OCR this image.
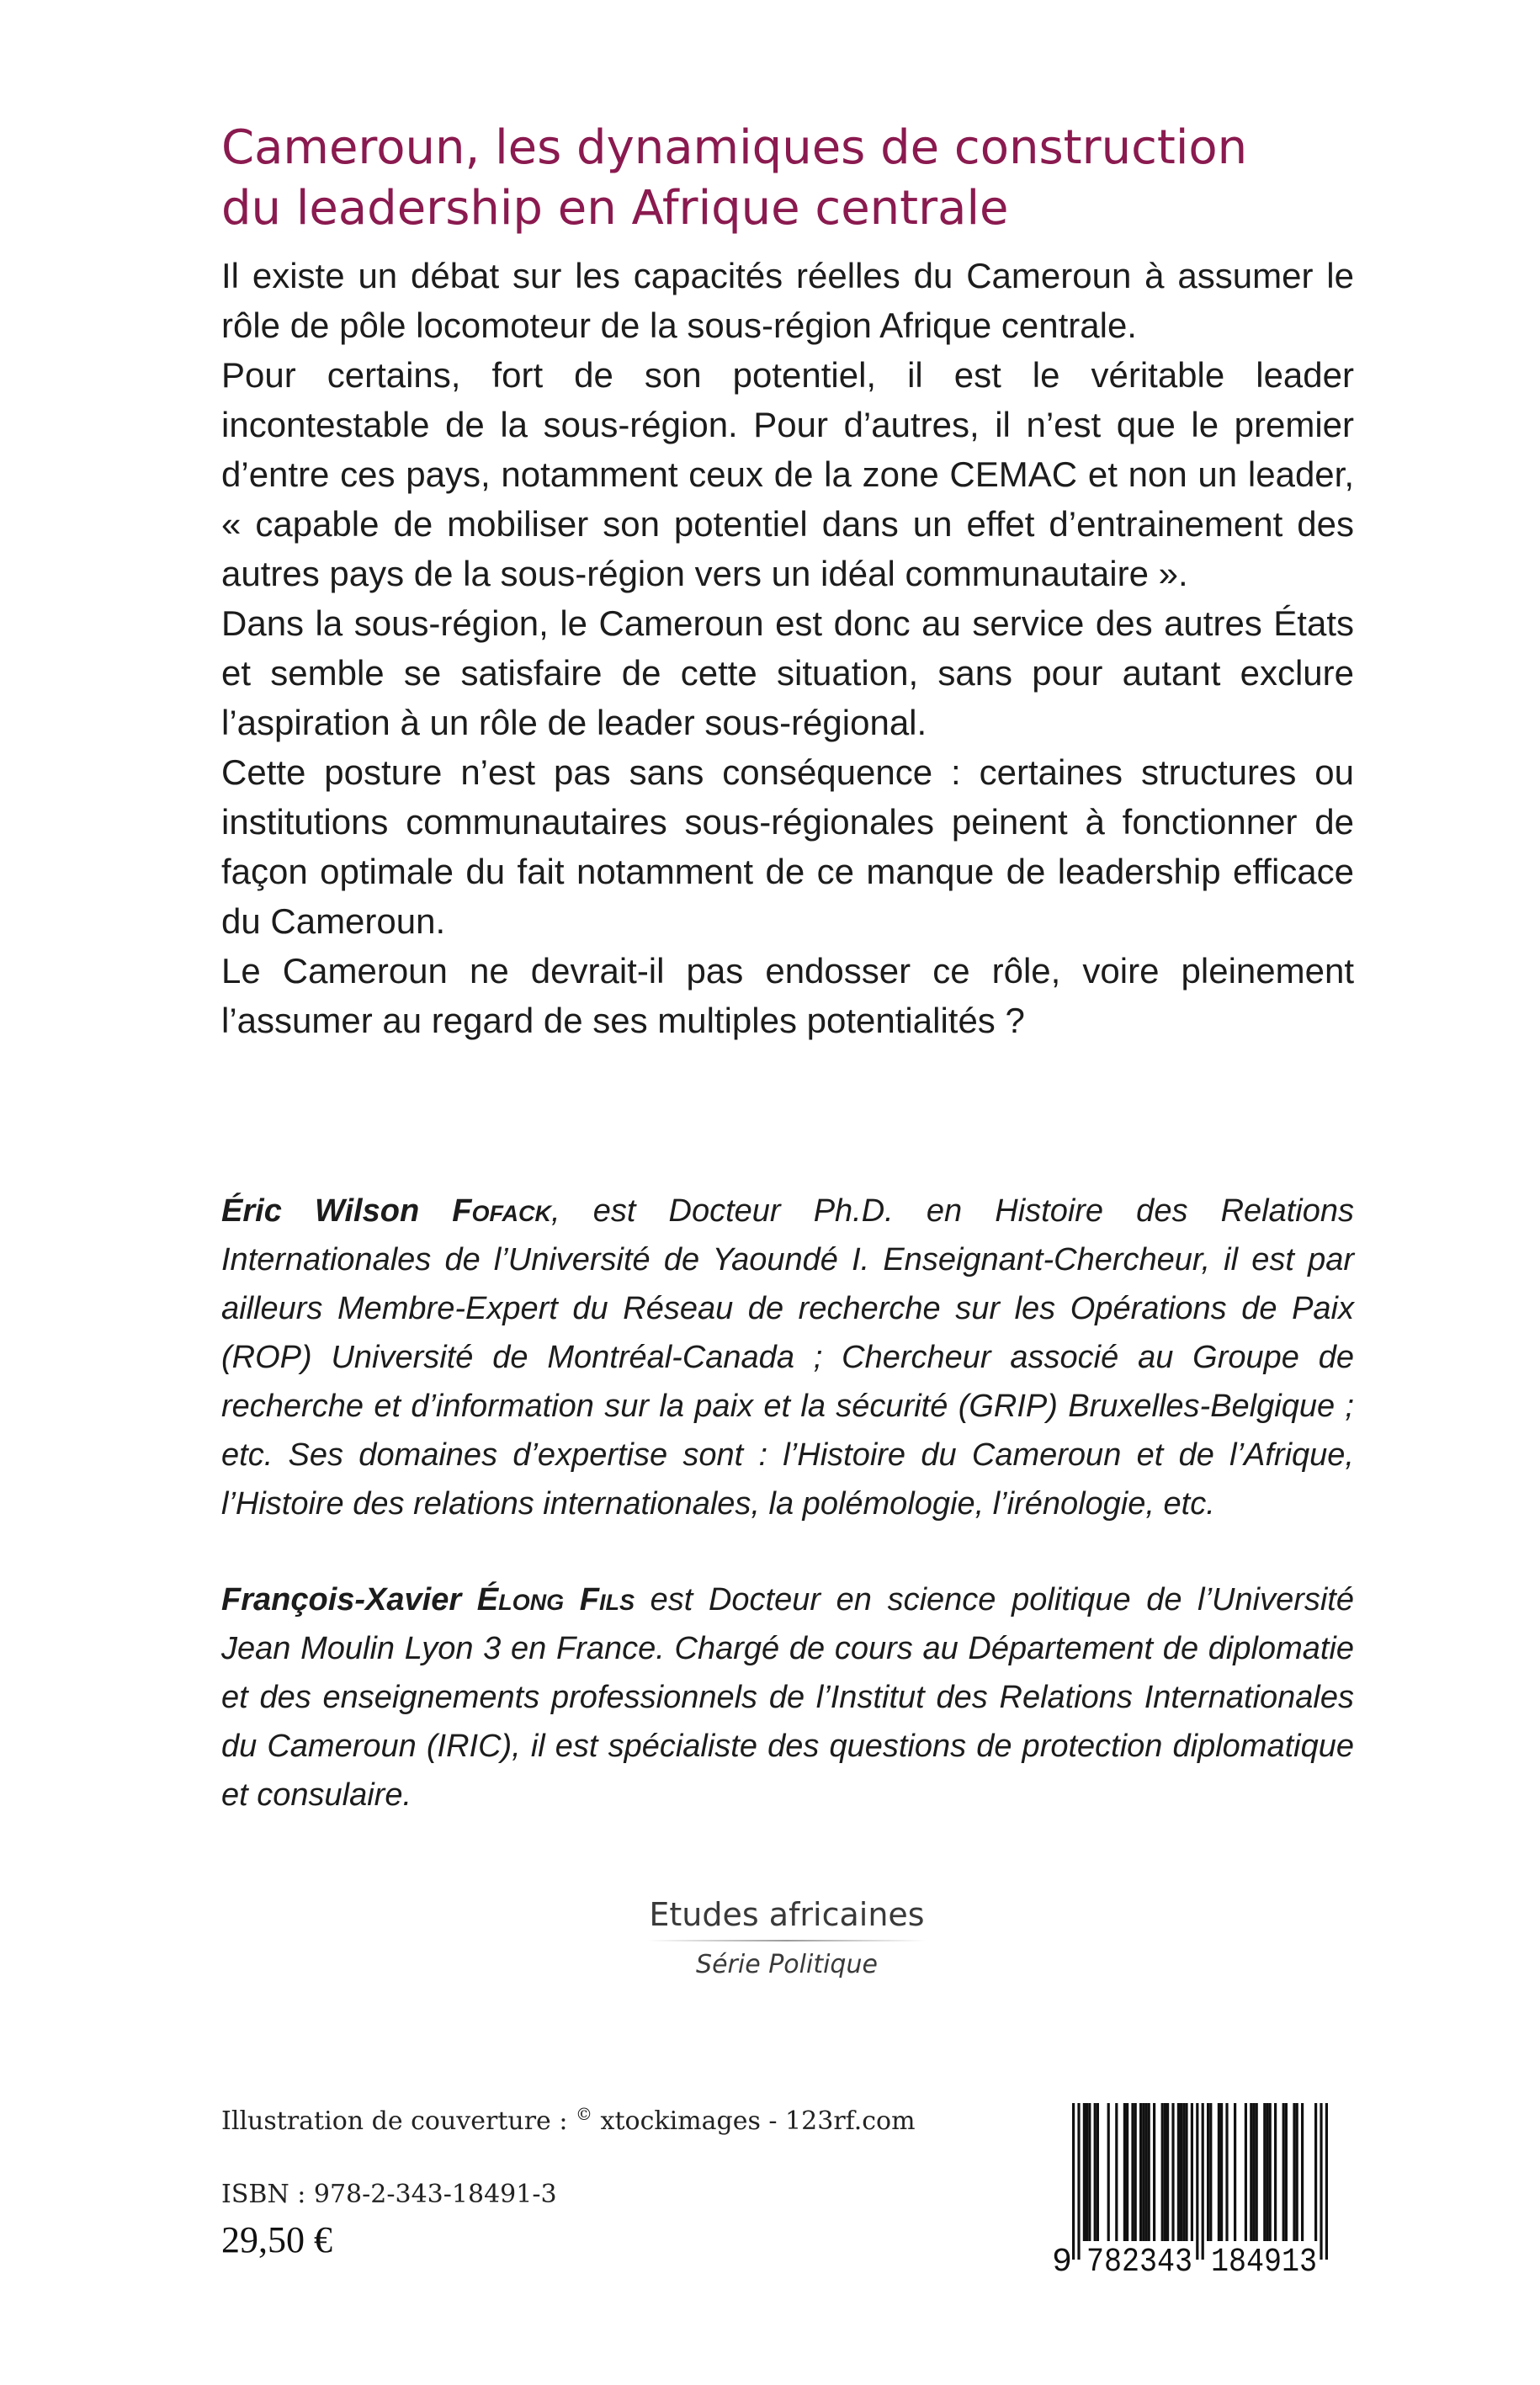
Cameroun, les dynamiques de construction
du leadership en Afrique centrale

Il existe un débat sur les capacités réelles du Cameroun à assumer le rôle de pôle locomoteur de la sous-région Afrique centrale.

Pour certains, fort de son potentiel, il est le véritable leader incontestable de la sous-région. Pour d’autres, il n’est que le premier d’entre ces pays, notamment ceux de la zone CEMAC et non un leader, « capable de mobiliser son potentiel dans un effet d’entrainement des autres pays de la sous-région vers un idéal communautaire ».

Dans la sous-région, le Cameroun est donc au service des autres États et semble se satisfaire de cette situation, sans pour autant exclure l’aspiration à un rôle de leader sous-régional.

Cette posture n’est pas sans conséquence : certaines structures ou institutions communautaires sous-régionales peinent à fonctionner de façon optimale du fait notamment de ce manque de leadership efficace du Cameroun.

Le Cameroun ne devrait-il pas endosser ce rôle, voire pleinement l’assumer au regard de ses multiples potentialités ?

Éric Wilson Fofack, est Docteur Ph.D. en Histoire des Relations Internationales de l’Université de Yaoundé I. Enseignant-Chercheur, il est par ailleurs Membre-Expert du Réseau de recherche sur les Opérations de Paix (ROP) Université de Montréal-Canada ; Chercheur associé au Groupe de recherche et d’information sur la paix et la sécurité (GRIP) Bruxelles-Belgique ; etc. Ses domaines d’expertise sont : l’Histoire du Cameroun et de l’Afrique, l’Histoire des relations internationales, la polémologie, l’irénologie, etc.

François-Xavier Élong Fils est Docteur en science politique de l’Université Jean Moulin Lyon 3 en France. Chargé de cours au Département de diplomatie et des enseignements professionnels de l’Institut des Relations Internationales du Cameroun (IRIC), il est spécialiste des questions de protection diplomatique et consulaire.

Etudes africaines
Série Politique
Illustration de couverture : © xtockimages - 123rf.com
ISBN : 978-2-343-18491-3
29,50 €
9 782343 184913
